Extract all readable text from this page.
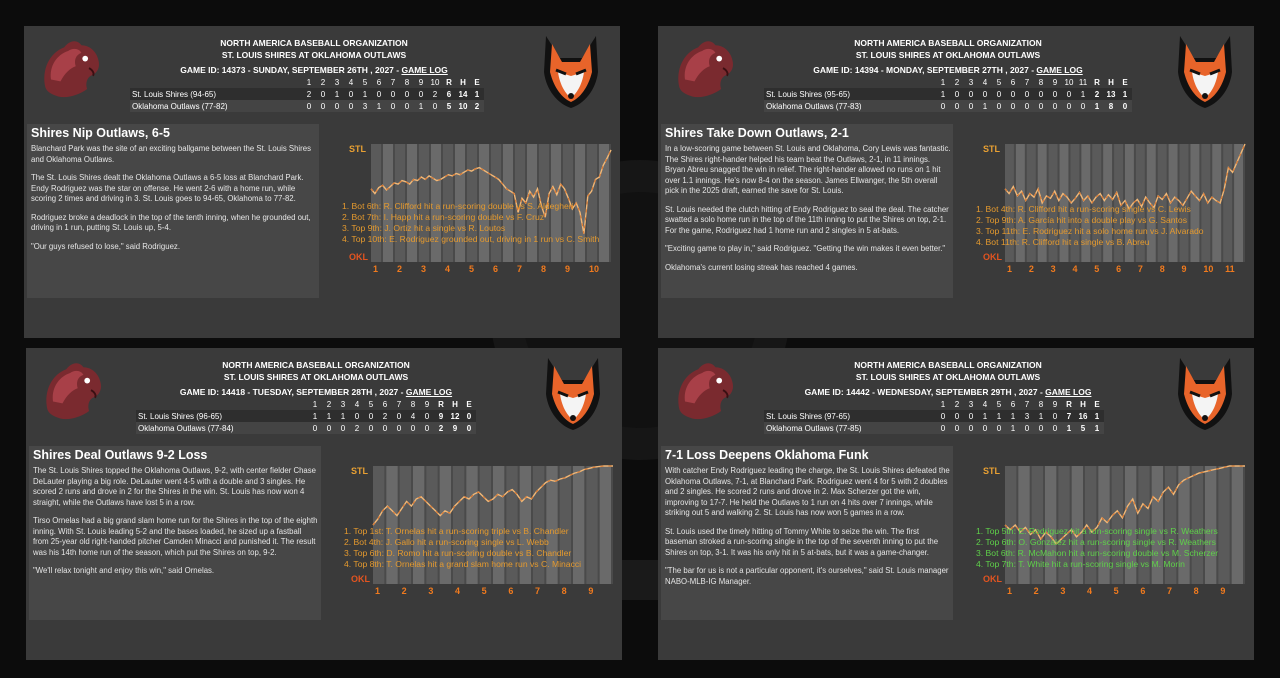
NORTH AMERICA BASEBALL ORGANIZATION
ST. LOUIS SHIRES AT OKLAHOMA OUTLAWS
GAME ID: 14373 - SUNDAY, SEPTEMBER 26TH , 2027 - GAME LOG
	1	2	3	4	5	6	7	8	9	10	R	H	E
St. Louis Shires (94-65)	2	0	1	0	1	0	0	0	0	2	6	14	1
Oklahoma Outlaws (77-82)	0	0	0	0	3	1	0	0	1	0	5	10	2
Shires Nip Outlaws, 6-5

Blanchard Park was the site of an exciting ballgame between the St. Louis Shires and Oklahoma Outlaws.

The St. Louis Shires dealt the Oklahoma Outlaws a 6-5 loss at Blanchard Park. Endy Rodriguez was the star on offense. He went 2-6 with a home run, while scoring 2 times and driving in 3. St. Louis goes to 94-65, Oklahoma to 77-82.

Rodriguez broke a deadlock in the top of the tenth inning, when he grounded out, driving in 1 run, putting St. Louis up, 5-4.

"Our guys refused to lose," said Rodriguez.

STL
OKL
1 2 3 4 5 6 7 8 9 10
1. Bot 6th: R. Clifford hit a run-scoring double vs S. Aldegheri
2. Bot 7th: I. Happ hit a run-scoring double vs F. Cruz
3. Top 9th: J. Ortiz hit a single vs R. Loutos
4. Top 10th: E. Rodriguez grounded out, driving in 1 run vs C. Smith
NORTH AMERICA BASEBALL ORGANIZATION
ST. LOUIS SHIRES AT OKLAHOMA OUTLAWS
GAME ID: 14394 - MONDAY, SEPTEMBER 27TH , 2027 - GAME LOG
	1	2	3	4	5	6	7	8	9	10	11	R	H	E
St. Louis Shires (95-65)	1	0	0	0	0	0	0	0	0	0	1	2	13	1
Oklahoma Outlaws (77-83)	0	0	0	1	0	0	0	0	0	0	0	1	8	0
Shires Take Down Outlaws, 2-1

In a low-scoring game between St. Louis and Oklahoma, Cory Lewis was fantastic. The Shires right-hander helped his team beat the Outlaws, 2-1, in 11 innings. Bryan Abreu snagged the win in relief. The right-hander allowed no runs on 1 hit over 1.1 innings. He's now 8-4 on the season. James Ellwanger, the 5th overall pick in the 2025 draft, earned the save for St. Louis.

St. Louis needed the clutch hitting of Endy Rodriguez to seal the deal. The catcher swatted a solo home run in the top of the 11th inning to put the Shires on top, 2-1. For the game, Rodriguez had 1 home run and 2 singles in 5 at-bats.

"Exciting game to play in," said Rodriguez. "Getting the win makes it even better."

Oklahoma's current losing streak has reached 4 games.

STL
OKL
1 2 3 4 5 6 7 8 9 10 11
1. Bot 4th: R. Clifford hit a run-scoring single vs C. Lewis
2. Top 9th: A. García hit into a double play vs G. Santos
3. Top 11th: E. Rodriguez hit a solo home run vs J. Alvarado
4. Bot 11th: R. Clifford hit a single vs B. Abreu
NORTH AMERICA BASEBALL ORGANIZATION
ST. LOUIS SHIRES AT OKLAHOMA OUTLAWS
GAME ID: 14418 - TUESDAY, SEPTEMBER 28TH , 2027 - GAME LOG
	1	2	3	4	5	6	7	8	9	R	H	E
St. Louis Shires (96-65)	1	1	1	0	0	2	0	4	0	9	12	0
Oklahoma Outlaws (77-84)	0	0	0	2	0	0	0	0	0	2	9	0
Shires Deal Outlaws 9-2 Loss

The St. Louis Shires topped the Oklahoma Outlaws, 9-2, with center fielder Chase DeLauter playing a big role. DeLauter went 4-5 with a double and 3 singles. He scored 2 runs and drove in 2 for the Shires in the win. St. Louis has now won 4 straight, while the Outlaws have lost 5 in a row.

Tirso Ornelas had a big grand slam home run for the Shires in the top of the eighth inning. With St. Louis leading 5-2 and the bases loaded, he sized up a fastball from 25-year old right-handed pitcher Camden Minacci and punished it. The result was his 14th home run of the season, which put the Shires on top, 9-2.

"We'll relax tonight and enjoy this win," said Ornelas.

STL
OKL
1 2 3 4 5 6 7 8 9
1. Top 1st: T. Ornelas hit a run-scoring triple vs B. Chandler
2. Bot 4th: J. Gallo hit a run-scoring single vs L. Webb
3. Top 6th: D. Romo hit a run-scoring double vs B. Chandler
4. Top 8th: T. Ornelas hit a grand slam home run vs C. Minacci
NORTH AMERICA BASEBALL ORGANIZATION
ST. LOUIS SHIRES AT OKLAHOMA OUTLAWS
GAME ID: 14442 - WEDNESDAY, SEPTEMBER 29TH , 2027 - GAME LOG
	1	2	3	4	5	6	7	8	9	R	H	E
St. Louis Shires (97-65)	0	0	0	1	1	1	3	1	0	7	16	1
Oklahoma Outlaws (77-85)	0	0	0	0	0	1	0	0	0	1	5	1
7-1 Loss Deepens Oklahoma Funk

With catcher Endy Rodriguez leading the charge, the St. Louis Shires defeated the Oklahoma Outlaws, 7-1, at Blanchard Park. Rodriguez went 4 for 5 with 2 doubles and 2 singles. He scored 2 runs and drove in 2. Max Scherzer got the win, improving to 17-7. He held the Outlaws to 1 run on 4 hits over 7 innings, while striking out 5 and walking 2. St. Louis has now won 5 games in a row.

St. Louis used the timely hitting of Tommy White to seize the win. The first baseman stroked a run-scoring single in the top of the seventh inning to put the Shires on top, 3-1. It was his only hit in 5 at-bats, but it was a game-changer.

"The bar for us is not a particular opponent, it's ourselves," said St. Louis manager NABO-MLB-IG Manager.

STL
OKL
1 2 3 4 5 6 7 8 9
1. Top 5th: E. Rodriguez hit a run-scoring single vs R. Weathers
2. Top 6th: O. Gonzalez hit a run-scoring single vs R. Weathers
3. Bot 6th: R. McMahon hit a run-scoring double vs M. Scherzer
4. Top 7th: T. White hit a run-scoring single vs M. Morin
